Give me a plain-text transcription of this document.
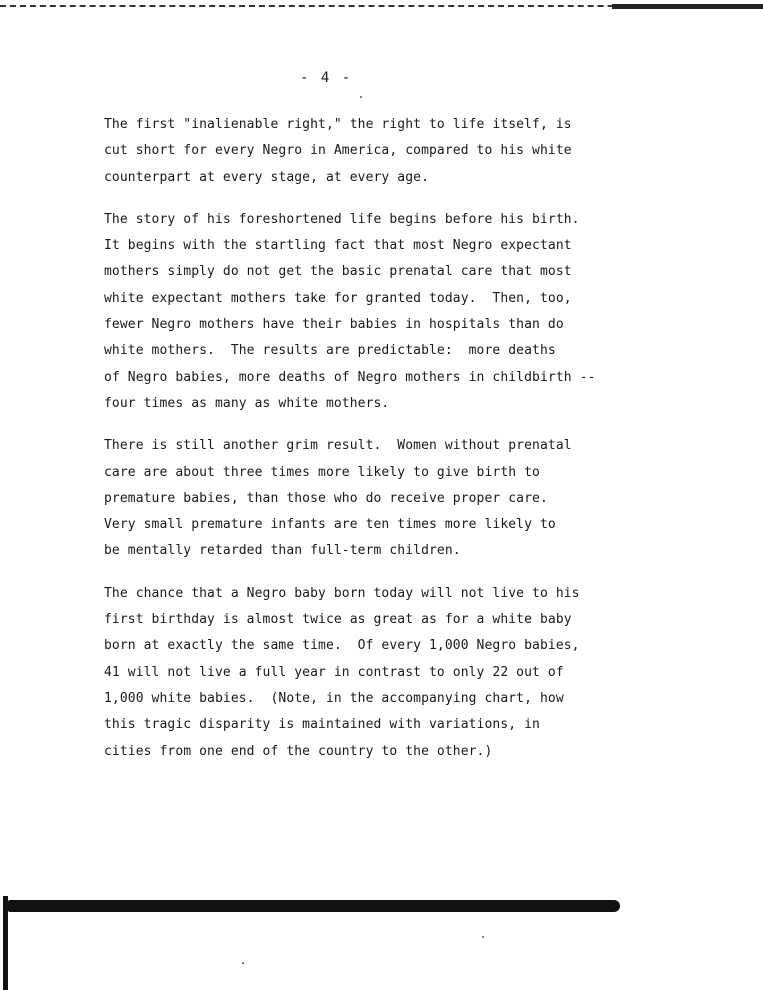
- 4 -
The first "inalienable right," the right to life itself, is
cut short for every Negro in America, compared to his white
counterpart at every stage, at every age.
The story of his foreshortened life begins before his birth.
It begins with the startling fact that most Negro expectant
mothers simply do not get the basic prenatal care that most
white expectant mothers take for granted today.  Then, too,
fewer Negro mothers have their babies in hospitals than do
white mothers.  The results are predictable:  more deaths
of Negro babies, more deaths of Negro mothers in childbirth --
four times as many as white mothers.
There is still another grim result.  Women without prenatal
care are about three times more likely to give birth to
premature babies, than those who do receive proper care.
Very small premature infants are ten times more likely to
be mentally retarded than full-term children.
The chance that a Negro baby born today will not live to his
first birthday is almost twice as great as for a white baby
born at exactly the same time.  Of every 1,000 Negro babies,
41 will not live a full year in contrast to only 22 out of
1,000 white babies.  (Note, in the accompanying chart, how
this tragic disparity is maintained with variations, in
cities from one end of the country to the other.)
